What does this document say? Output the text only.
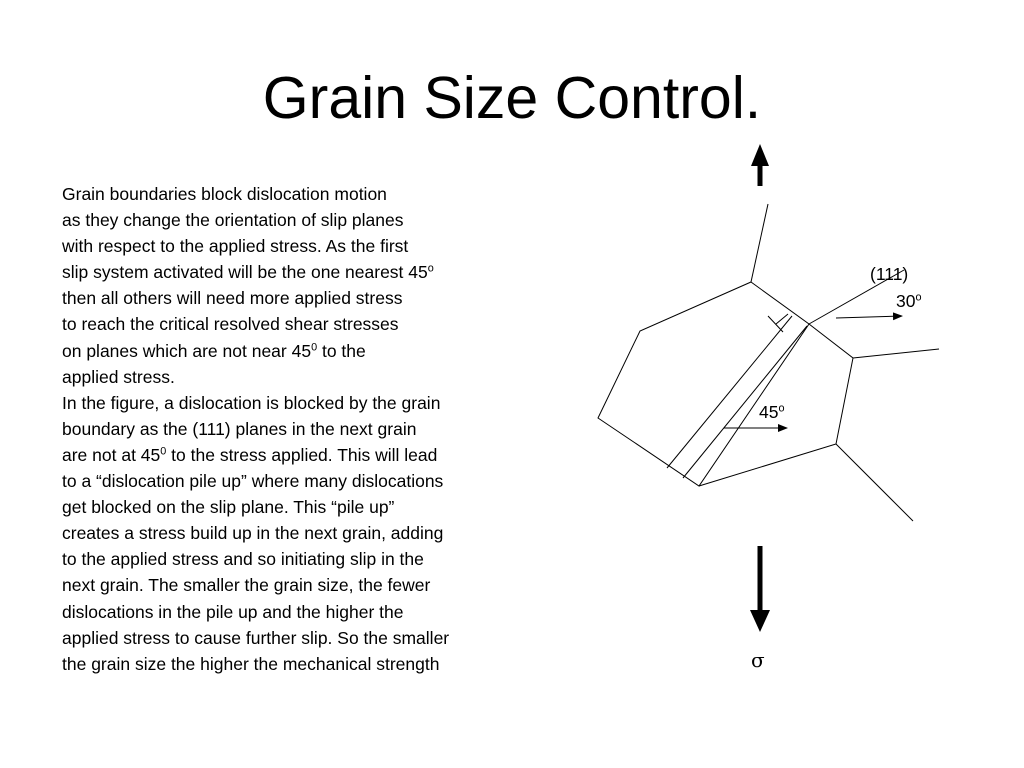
Grain Size Control.
Grain boundaries block dislocation motion
as they change the orientation of slip planes
with respect to the applied stress. As the first
slip system activated will be the one nearest 45$^o$
then all others will need more applied stress
to reach the critical resolved shear stresses
on planes which are not near $45^0$ to the
applied stress.
In the figure, a dislocation is blocked by the grain
boundary as the (111) planes in the next grain
are not at $45^0$ to the stress applied. This will lead
to a “dislocation pile up” where many dislocations
get blocked on the slip plane. This “pile up”
creates a stress build up in the next grain, adding
to the applied stress and so initiating slip in the
next grain. The smaller the grain size, the fewer
dislocations in the pile up and the higher the
applied stress to cause further slip. So the smaller
the grain size the higher the mechanical strength
(111)
30$^o$
45$^o$
σ
